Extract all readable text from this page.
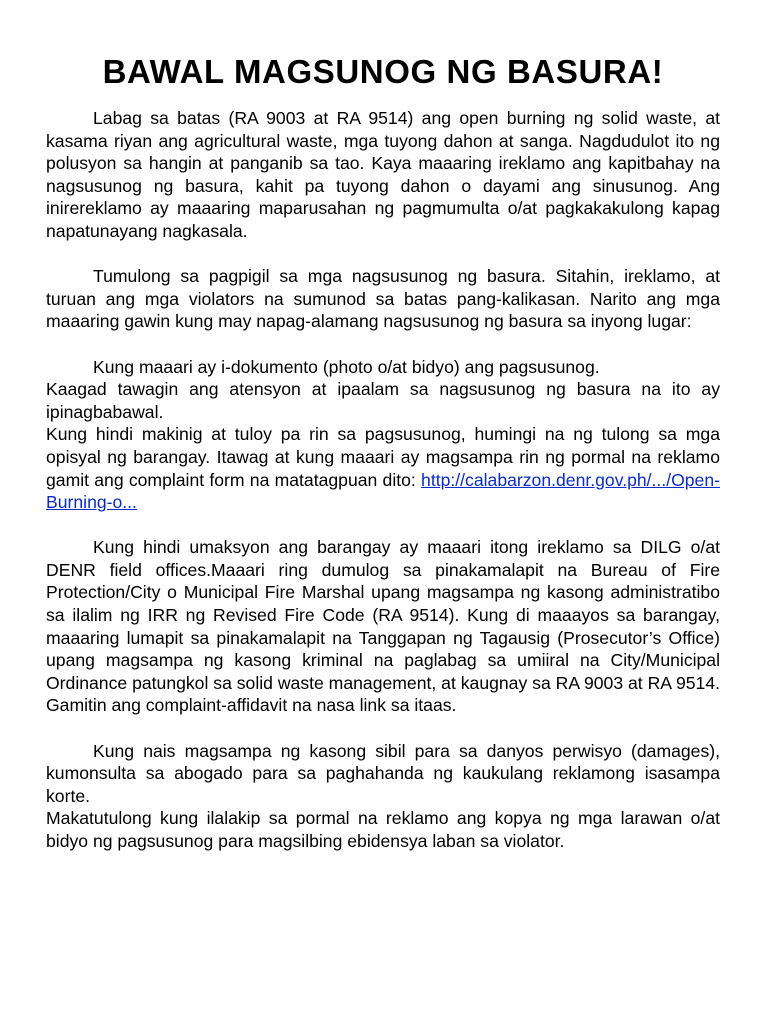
BAWAL MAGSUNOG NG BASURA!

Labag sa batas (RA 9003 at RA 9514) ang open burning ng solid waste, at kasama riyan ang agricultural waste, mga tuyong dahon at sanga. Nagdudulot ito ng polusyon sa hangin at panganib sa tao. Kaya maaaring ireklamo ang kapitbahay na nagsusunog ng basura, kahit pa tuyong dahon o dayami ang sinusunog. Ang inirereklamo ay maaaring maparusahan ng pagmumulta o/at pagkakakulong kapag napatunayang nagkasala.

Tumulong sa pagpigil sa mga nagsusunog ng basura. Sitahin, ireklamo, at turuan ang mga violators na sumunod sa batas pang-kalikasan. Narito ang mga maaaring gawin kung may napag-alamang nagsusunog ng basura sa inyong lugar:

Kung maaari ay i-dokumento (photo o/at bidyo) ang pagsusunog.

Kaagad tawagin ang atensyon at ipaalam sa nagsusunog ng basura na ito ay ipinagbabawal.

Kung hindi makinig at tuloy pa rin sa pagsusunog, humingi na ng tulong sa mga opisyal ng barangay. Itawag at kung maaari ay magsampa rin ng pormal na reklamo gamit ang complaint form na matatagpuan dito: http://calabarzon.denr.gov.ph/.../Open-Burning-o...

Kung hindi umaksyon ang barangay ay maaari itong ireklamo sa DILG o/at DENR field offices.Maaari ring dumulog sa pinakamalapit na Bureau of Fire Protection/City o Municipal Fire Marshal upang magsampa ng kasong administratibo sa ilalim ng IRR ng Revised Fire Code (RA 9514). Kung di maaayos sa barangay, maaaring lumapit sa pinakamalapit na Tanggapan ng Tagausig (Prosecutor’s Office) upang magsampa ng kasong kriminal na paglabag sa umiiral na City/Municipal Ordinance patungkol sa solid waste management, at kaugnay sa RA 9003 at RA 9514. Gamitin ang complaint-affidavit na nasa link sa itaas.

Kung nais magsampa ng kasong sibil para sa danyos perwisyo (damages), kumonsulta sa abogado para sa paghahanda ng kaukulang reklamong isasampa korte.

Makatutulong kung ilalakip sa pormal na reklamo ang kopya ng mga larawan o/at bidyo ng pagsusunog para magsilbing ebidensya laban sa violator.
